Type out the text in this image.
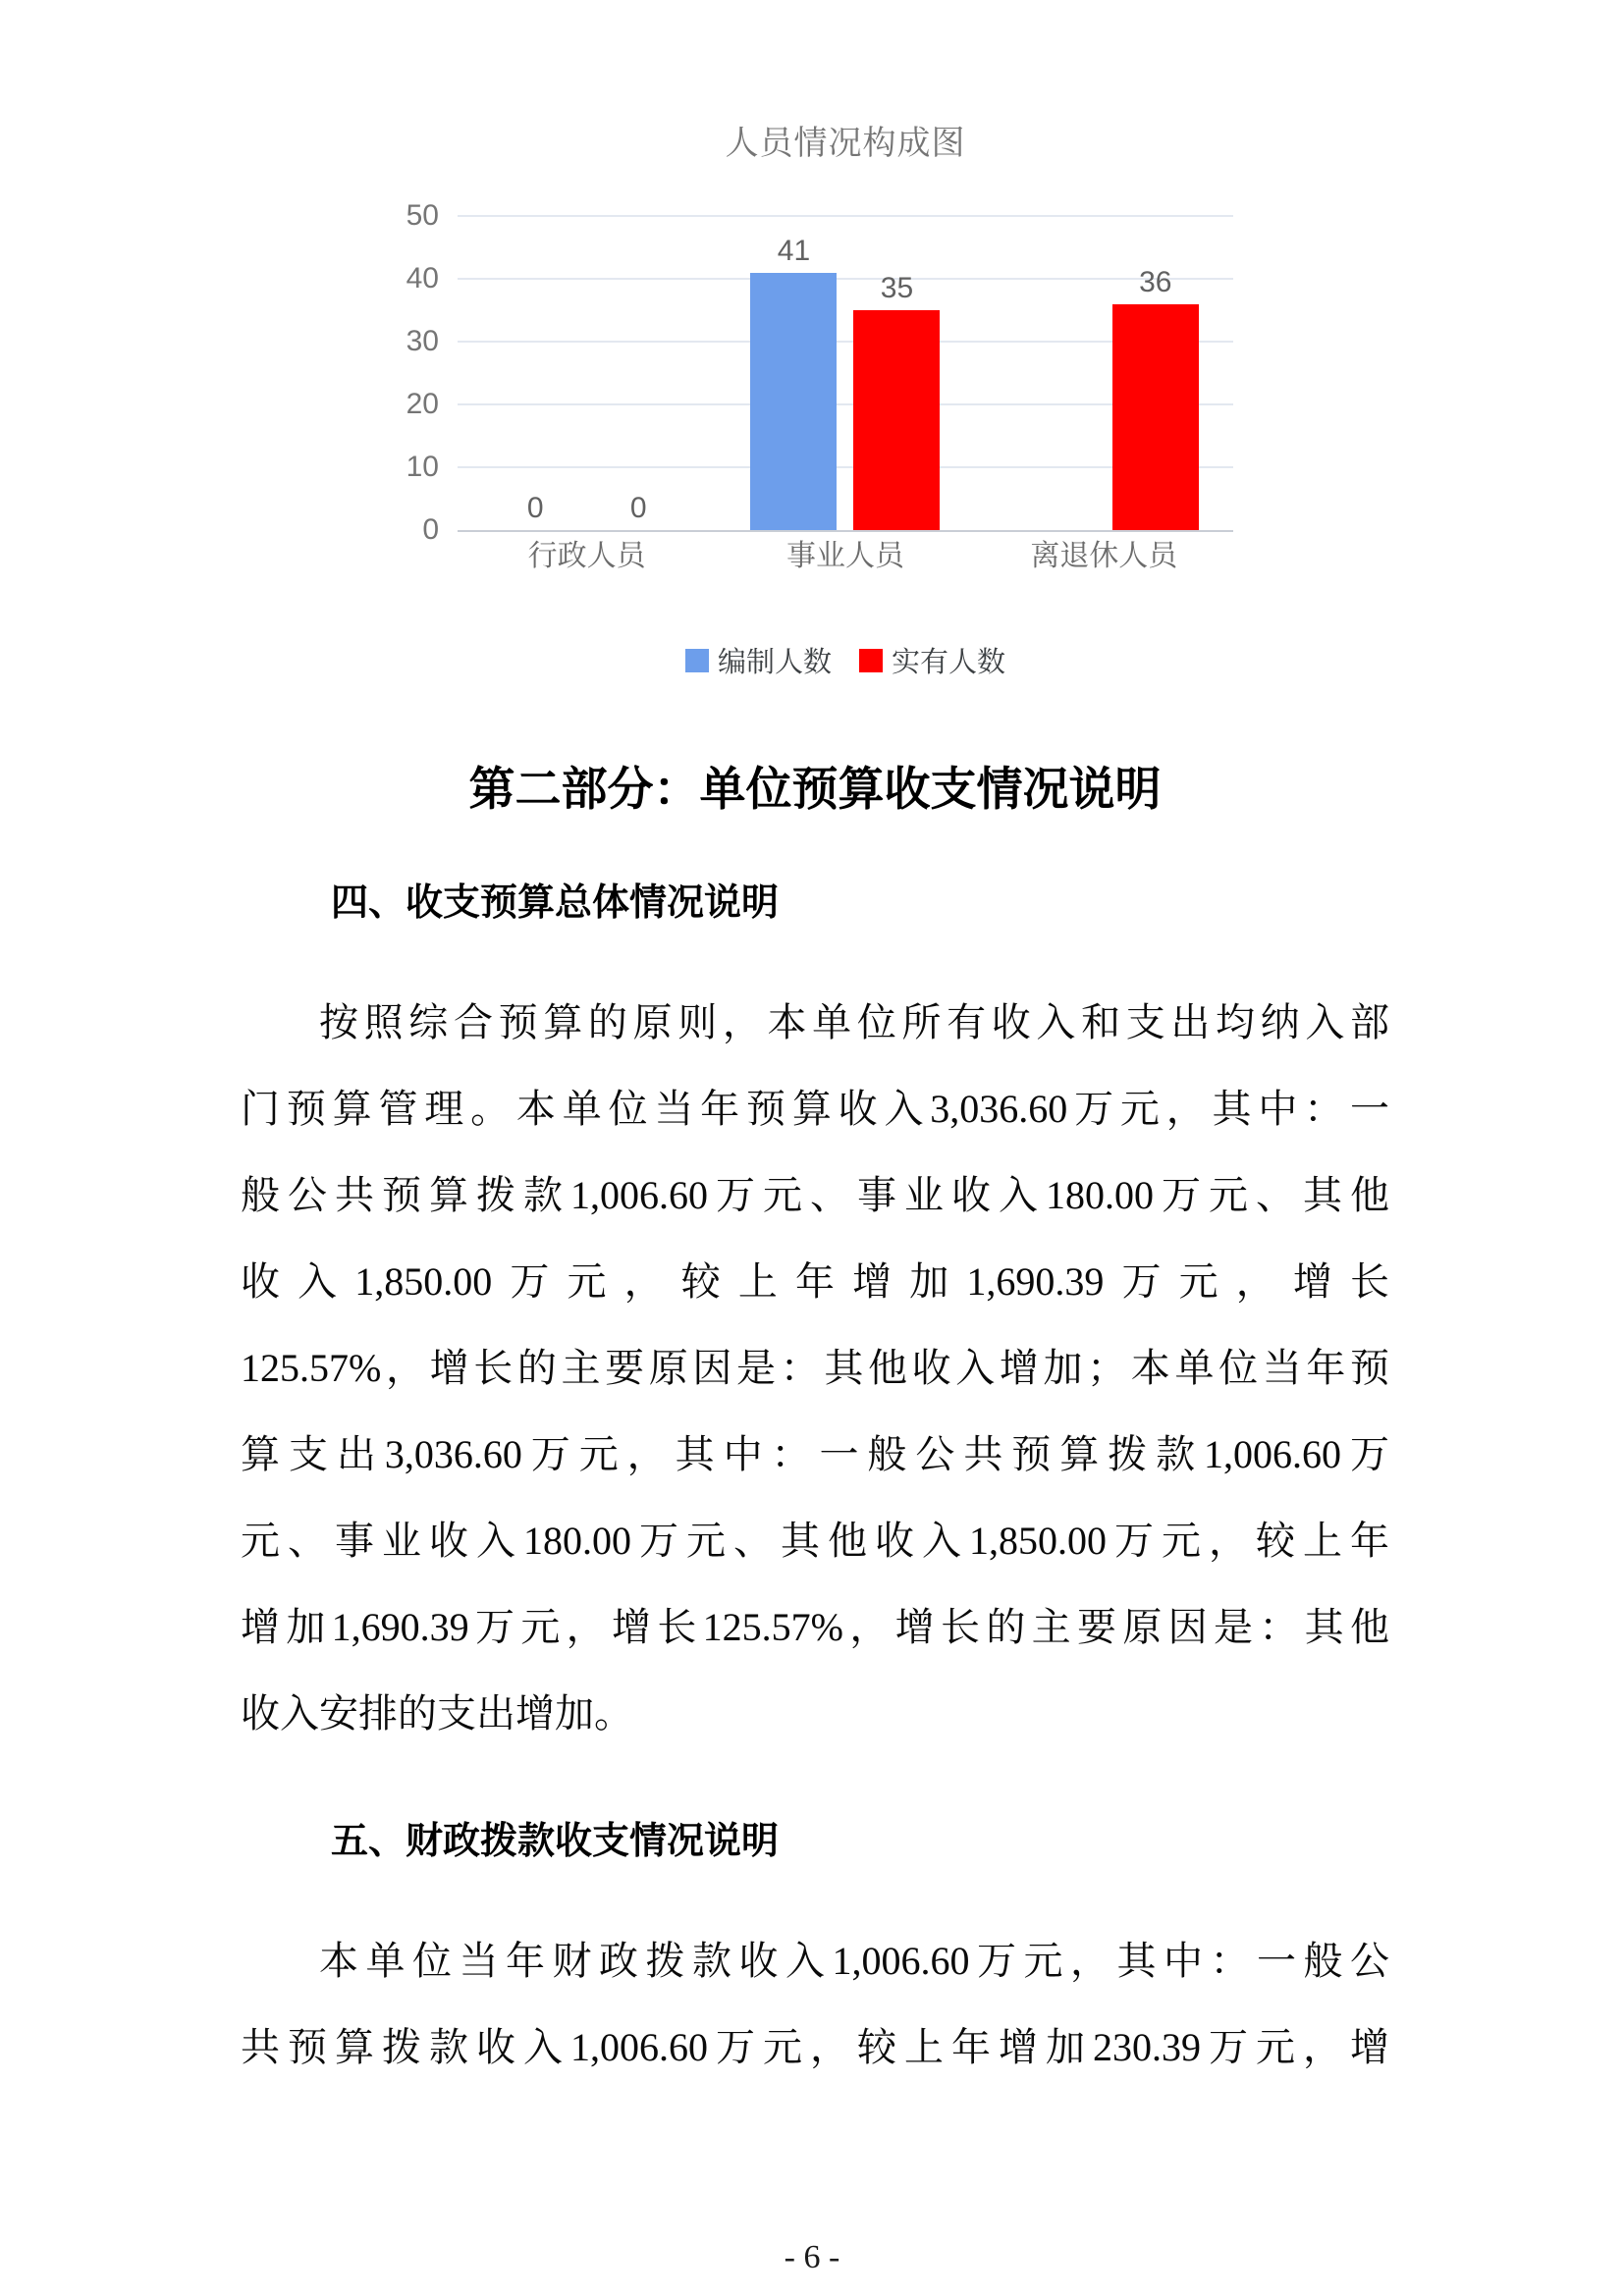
人员情况构成图
0
10
20
30
40
50
0	0
41
35	36
行政人员	事业人员	离退休人员
编制人数 实有人数
第二部分：单位预算收支情况说明
四、收支预算总体情况说明
按照综合预算的原则，本单位所有收入和支出均纳入部
门预算管理。本单位当年预算收入3,036.60万元，其中：一
般公共预算拨款1,006.60万元、事业收入180.00万元、其他
收入1,850.00万元，较上年增加1,690.39万元，增长
125.57%，增长的主要原因是：其他收入增加；本单位当年预
算支出3,036.60万元，其中：一般公共预算拨款1,006.60万
元、事业收入180.00万元、其他收入1,850.00万元，较上年
增加1,690.39万元，增长125.57%，增长的主要原因是：其他
收入安排的支出增加。
五、财政拨款收支情况说明
本单位当年财政拨款收入1,006.60万元，其中：一般公
共预算拨款收入1,006.60万元，较上年增加230.39万元，增
- 6 -
